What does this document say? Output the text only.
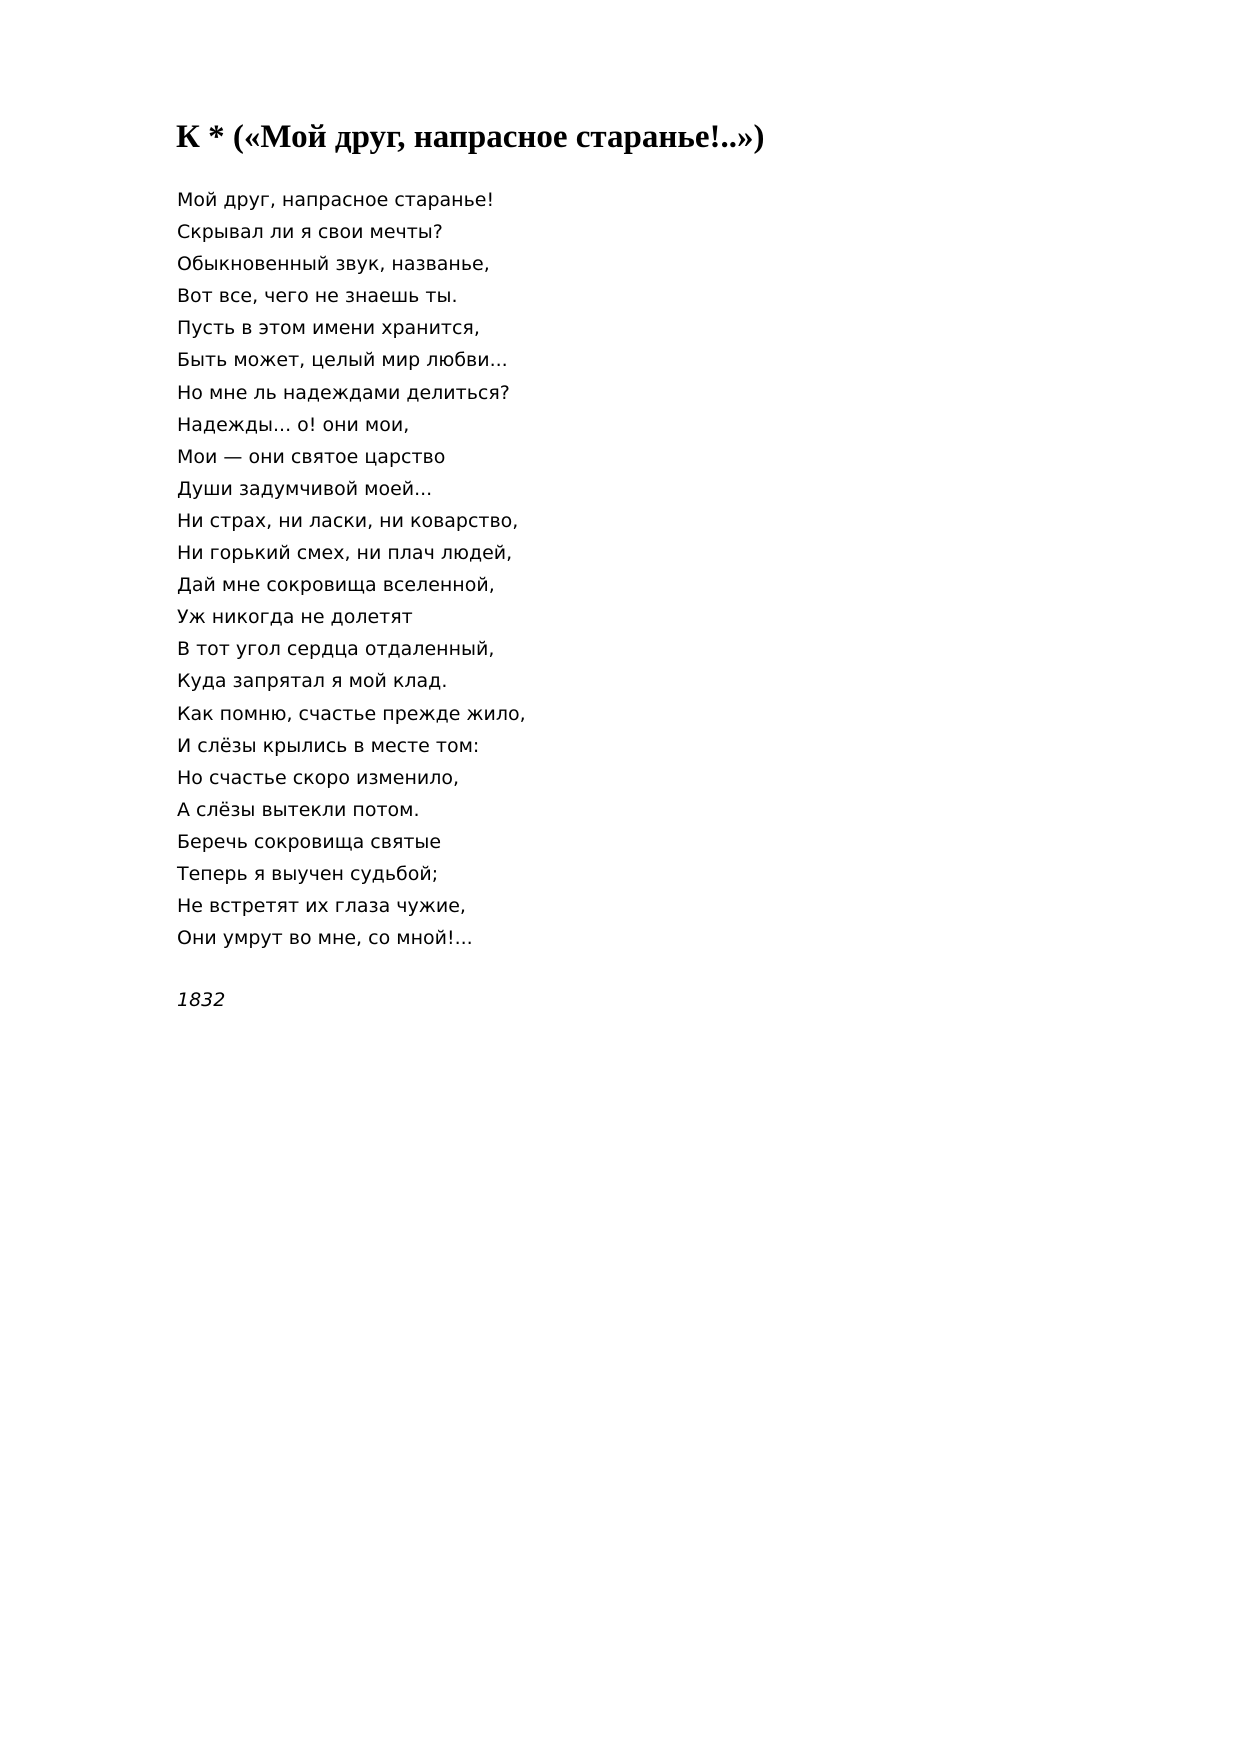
К * («Мой друг, напрасное старанье!..»)
Мой друг, напрасное старанье!
Скрывал ли я свои мечты?
Обыкновенный звук, названье,
Вот все, чего не знаешь ты.
Пусть в этом имени хранится,
Быть может, целый мир любви...
Но мне ль надеждами делиться?
Надежды... о! они мои,
Мои — они святое царство
Души задумчивой моей...
Ни страх, ни ласки, ни коварство,
Ни горький смех, ни плач людей,
Дай мне сокровища вселенной,
Уж никогда не долетят
В тот угол сердца отдаленный,
Куда запрятал я мой клад.
Как помню, счастье прежде жило,
И слёзы крылись в месте том:
Но счастье скоро изменило,
А слёзы вытекли потом.
Беречь сокровища святые
Теперь я выучен судьбой;
Не встретят их глаза чужие,
Они умрут во мне, со мной!...

1832
